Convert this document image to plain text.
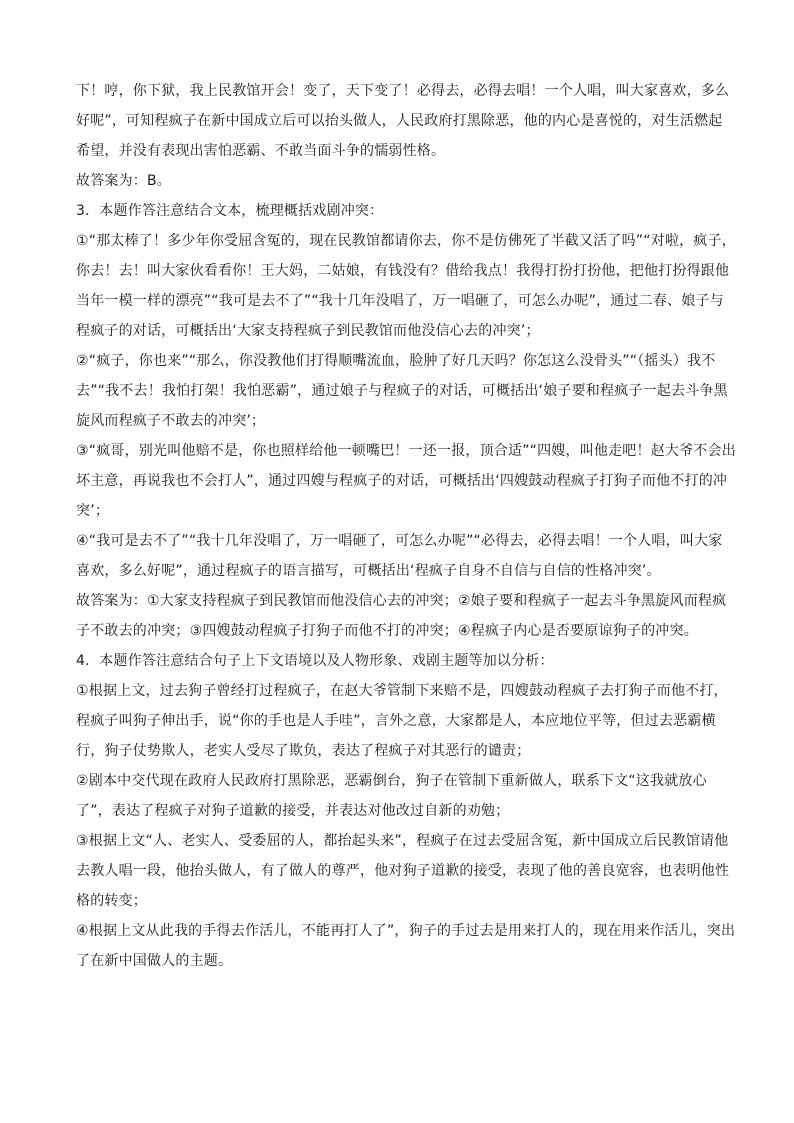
下！哼，你下狱，我上民教馆开会！变了，天下变了！必得去，必得去唱！一个人唱，叫大家喜欢，多么好呢”，可知程疯子在新中国成立后可以抬头做人，人民政府打黑除恶，他的内心是喜悦的，对生活燃起希望，并没有表现出害怕恶霸、不敢当面斗争的懦弱性格。

故答案为：B。

3．本题作答注意结合文本，梳理概括戏剧冲突：

①“那太棒了！多少年你受屈含冤的，现在民教馆都请你去，你不是仿佛死了半截又活了吗”“对啦，疯子，你去！去！叫大家伙看看你！王大妈，二姑娘，有钱没有？借给我点！我得打扮打扮他，把他打扮得跟他当年一模一样的漂亮”“我可是去不了”“我十几年没唱了，万一唱砸了，可怎么办呢”，通过二春、娘子与程疯子的对话，可概括出‘大家支持程疯子到民教馆而他没信心去的冲突’；

②“疯子，你也来”“那么，你没教他们打得顺嘴流血，脸肿了好几天吗？你怎这么没骨头”“（摇头）我不去”“我不去！我怕打架！我怕恶霸”，通过娘子与程疯子的对话，可概括出‘娘子要和程疯子一起去斗争黑旋风而程疯子不敢去的冲突’；

③“疯哥，别光叫他赔不是，你也照样给他一顿嘴巴！一还一报，顶合适”“四嫂，叫他走吧！赵大爷不会出坏主意，再说我也不会打人”，通过四嫂与程疯子的对话，可概括出‘四嫂鼓动程疯子打狗子而他不打的冲突’；

④“我可是去不了”“我十几年没唱了，万一唱砸了，可怎么办呢”“必得去，必得去唱！一个人唱，叫大家喜欢，多么好呢”，通过程疯子的语言描写，可概括出‘程疯子自身不自信与自信的性格冲突’。

故答案为：①大家支持程疯子到民教馆而他没信心去的冲突；②娘子要和程疯子一起去斗争黑旋风而程疯子不敢去的冲突；③四嫂鼓动程疯子打狗子而他不打的冲突；④程疯子内心是否要原谅狗子的冲突。

4．本题作答注意结合句子上下文语境以及人物形象、戏剧主题等加以分析：

①根据上文，过去狗子曾经打过程疯子，在赵大爷管制下来赔不是，四嫂鼓动程疯子去打狗子而他不打，程疯子叫狗子伸出手，说“你的手也是人手哇”，言外之意，大家都是人，本应地位平等，但过去恶霸横行，狗子仗势欺人，老实人受尽了欺负，表达了程疯子对其恶行的谴责；

②剧本中交代现在政府人民政府打黑除恶，恶霸倒台，狗子在管制下重新做人，联系下文“这我就放心了”，表达了程疯子对狗子道歉的接受，并表达对他改过自新的劝勉；

③根据上文“人、老实人、受委屈的人，都抬起头来”，程疯子在过去受屈含冤，新中国成立后民教馆请他去教人唱一段，他抬头做人，有了做人的尊严，他对狗子道歉的接受，表现了他的善良宽容，也表明他性格的转变；

④根据上文从此我的手得去作活儿，不能再打人了”，狗子的手过去是用来打人的，现在用来作活儿，突出了在新中国做人的主题。
